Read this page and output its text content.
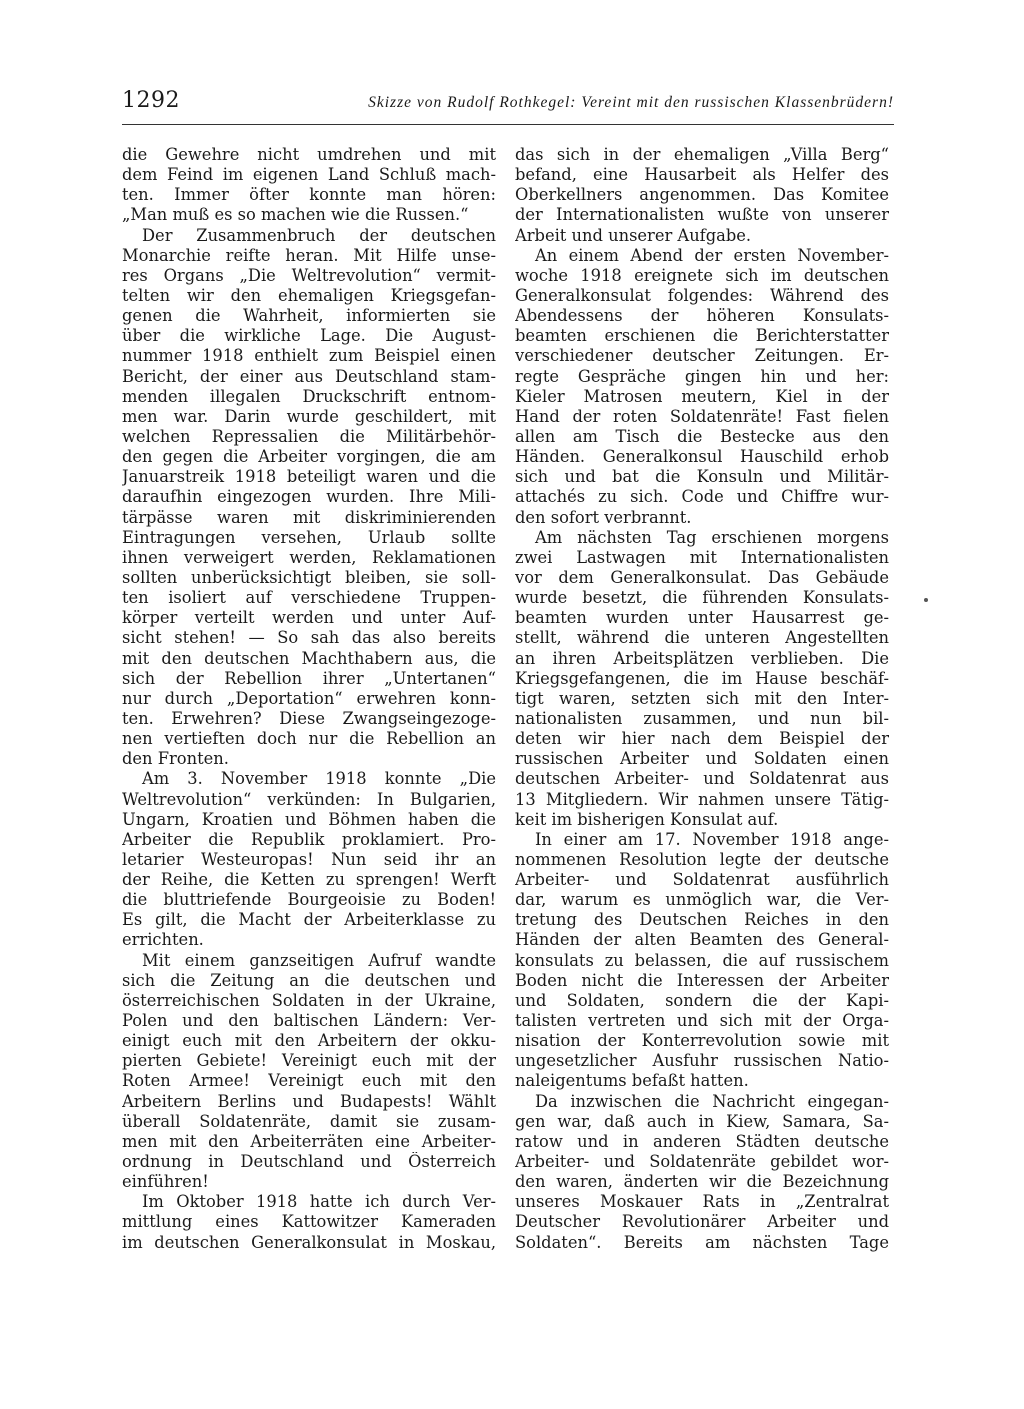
1292	Skizze von Rudolf Rothkegel: Vereint mit den russischen Klassenbrüdern!
die Gewehre nicht umdrehen und mit
dem Feind im eigenen Land Schluß mach-
ten. Immer öfter konnte man hören:
„Man muß es so machen wie die Russen.“
Der Zusammenbruch der deutschen
Monarchie reifte heran. Mit Hilfe unse-
res Organs „Die Weltrevolution“ vermit-
telten wir den ehemaligen Kriegsgefan-
genen die Wahrheit, informierten sie
über die wirkliche Lage. Die August-
nummer 1918 enthielt zum Beispiel einen
Bericht, der einer aus Deutschland stam-
menden illegalen Druckschrift entnom-
men war. Darin wurde geschildert, mit
welchen Repressalien die Militärbehör-
den gegen die Arbeiter vorgingen, die am
Januarstreik 1918 beteiligt waren und die
daraufhin eingezogen wurden. Ihre Mili-
tärpässe waren mit diskriminierenden
Eintragungen versehen, Urlaub sollte
ihnen verweigert werden, Reklamationen
sollten unberücksichtigt bleiben, sie soll-
ten isoliert auf verschiedene Truppen-
körper verteilt werden und unter Auf-
sicht stehen! — So sah das also bereits
mit den deutschen Machthabern aus, die
sich der Rebellion ihrer „Untertanen“
nur durch „Deportation“ erwehren konn-
ten. Erwehren? Diese Zwangseingezoge-
nen vertieften doch nur die Rebellion an
den Fronten.
Am 3. November 1918 konnte „Die
Weltrevolution“ verkünden: In Bulgarien,
Ungarn, Kroatien und Böhmen haben die
Arbeiter die Republik proklamiert. Pro-
letarier Westeuropas! Nun seid ihr an
der Reihe, die Ketten zu sprengen! Werft
die bluttriefende Bourgeoisie zu Boden!
Es gilt, die Macht der Arbeiterklasse zu
errichten.
Mit einem ganzseitigen Aufruf wandte
sich die Zeitung an die deutschen und
österreichischen Soldaten in der Ukraine,
Polen und den baltischen Ländern: Ver-
einigt euch mit den Arbeitern der okku-
pierten Gebiete! Vereinigt euch mit der
Roten Armee! Vereinigt euch mit den
Arbeitern Berlins und Budapests! Wählt
überall Soldatenräte, damit sie zusam-
men mit den Arbeiterräten eine Arbeiter-
ordnung in Deutschland und Österreich
einführen!
Im Oktober 1918 hatte ich durch Ver-
mittlung eines Kattowitzer Kameraden
im deutschen Generalkonsulat in Moskau,
das sich in der ehemaligen „Villa Berg“
befand, eine Hausarbeit als Helfer des
Oberkellners angenommen. Das Komitee
der Internationalisten wußte von unserer
Arbeit und unserer Aufgabe.
An einem Abend der ersten November-
woche 1918 ereignete sich im deutschen
Generalkonsulat folgendes: Während des
Abendessens der höheren Konsulats-
beamten erschienen die Berichterstatter
verschiedener deutscher Zeitungen. Er-
regte Gespräche gingen hin und her:
Kieler Matrosen meutern, Kiel in der
Hand der roten Soldatenräte! Fast fielen
allen am Tisch die Bestecke aus den
Händen. Generalkonsul Hauschild erhob
sich und bat die Konsuln und Militär-
attachés zu sich. Code und Chiffre wur-
den sofort verbrannt.
Am nächsten Tag erschienen morgens
zwei Lastwagen mit Internationalisten
vor dem Generalkonsulat. Das Gebäude
wurde besetzt, die führenden Konsulats-
beamten wurden unter Hausarrest ge-
stellt, während die unteren Angestellten
an ihren Arbeitsplätzen verblieben. Die
Kriegsgefangenen, die im Hause beschäf-
tigt waren, setzten sich mit den Inter-
nationalisten zusammen, und nun bil-
deten wir hier nach dem Beispiel der
russischen Arbeiter und Soldaten einen
deutschen Arbeiter- und Soldatenrat aus
13 Mitgliedern. Wir nahmen unsere Tätig-
keit im bisherigen Konsulat auf.
In einer am 17. November 1918 ange-
nommenen Resolution legte der deutsche
Arbeiter- und Soldatenrat ausführlich
dar, warum es unmöglich war, die Ver-
tretung des Deutschen Reiches in den
Händen der alten Beamten des General-
konsulats zu belassen, die auf russischem
Boden nicht die Interessen der Arbeiter
und Soldaten, sondern die der Kapi-
talisten vertreten und sich mit der Orga-
nisation der Konterrevolution sowie mit
ungesetzlicher Ausfuhr russischen Natio-
naleigentums befaßt hatten.
Da inzwischen die Nachricht eingegan-
gen war, daß auch in Kiew, Samara, Sa-
ratow und in anderen Städten deutsche
Arbeiter- und Soldatenräte gebildet wor-
den waren, änderten wir die Bezeichnung
unseres Moskauer Rats in „Zentralrat
Deutscher Revolutionärer Arbeiter und
Soldaten“. Bereits am nächsten Tage
